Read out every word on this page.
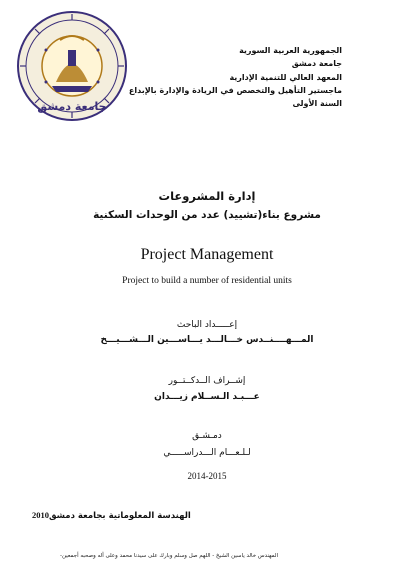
جامعة دمشق
الجمهورية العربية السورية
جامعة دمشق
المعهد العالي للتنمية الإدارية
ماجستير التأهيل والتخصص في الريادة والإدارة بالإبداع
السنة الأولى
إدارة المشروعات
مشروع بناء(تشييد) عدد من الوحدات السكنية
Project Management
Project to build a number of residential units
إعـــــداد الباحث
المـــهــــنــدس خـــالـــد يـــاســـين الـــشـــيـــخ
إشــراف الــدكــتــور
عـــبـد الـســلام زيـــدان
دمـشـق
لـلـعـــام الـــدراســـــي
2014-2015
الهندسة المعلوماتية بجامعة دمشق2010
المهندس خالد ياسين الشيخ - اللهم صل وسلم وبارك على سيدنا محمد وعلى آله وصحبه أجمعين-
